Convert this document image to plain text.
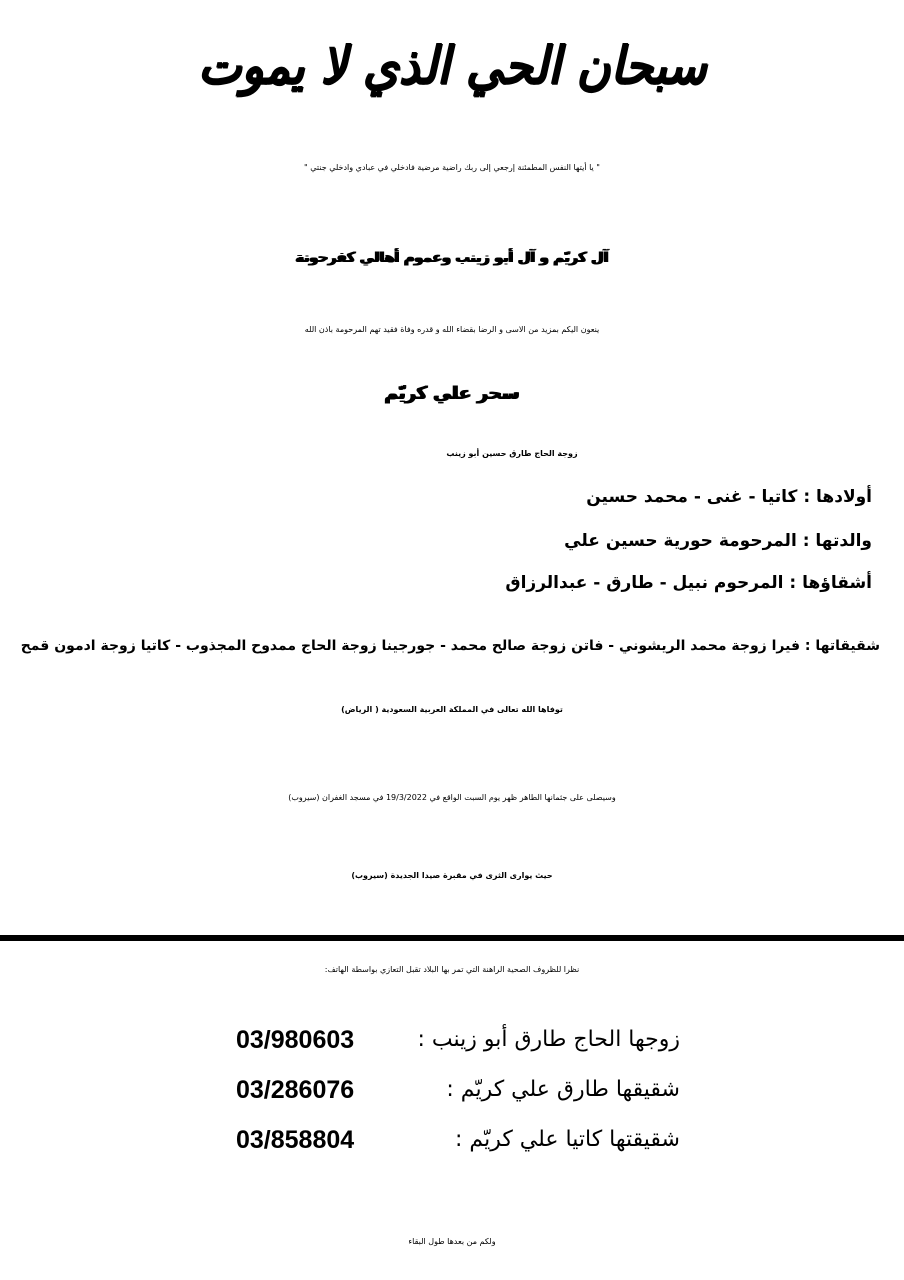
سبحان الحي الذي لا يموت

" يا أيتها النفس المطمئنة إرجعي إلى ربك راضية مرضية فادخلي في عبادي وادخلي جنتي "

آل كريّم و آل أبو زينب وعموم أهالي كفرحونة

ينعون اليكم بمزيد من الاسى و الرضا بقضاء الله و قدره وفاة فقيد تهم المرحومة باذن الله

سحر علي كريّم

زوجة الحاج طارق حسين أبو زينب

أولادها : كاتيا - غنى - محمد حسين

والدتها : المرحومة حورية حسين علي

أشقاؤها : المرحوم نبيل - طارق - عبدالرزاق

شقيقاتها : فيرا زوجة محمد الريشوني - فاتن زوجة صالح محمد - جورجينا زوجة الحاج ممدوح المجذوب - كاتيا زوجة ادمون قمح

توفاها الله تعالى في المملكة العربية السعودية ( الرياض)

وسيصلى على جثمانها الطاهر ظهر يوم السبت الواقع في 19/3/2022 في مسجد الغفران (سيروب)

حيث يوارى الثرى في مقبرة صيدا الجديدة (سيروب)

نظرا للظروف الصحية الراهنة التي تمر بها البلاد تقبل التعازي بواسطة الهاتف:

زوجها الحاج طارق أبو زينب :
03/980603
شقيقها طارق علي كريّم :
03/286076
شقيقتها كاتيا علي كريّم :
03/858804

ولكم من بعدها طول البقاء
